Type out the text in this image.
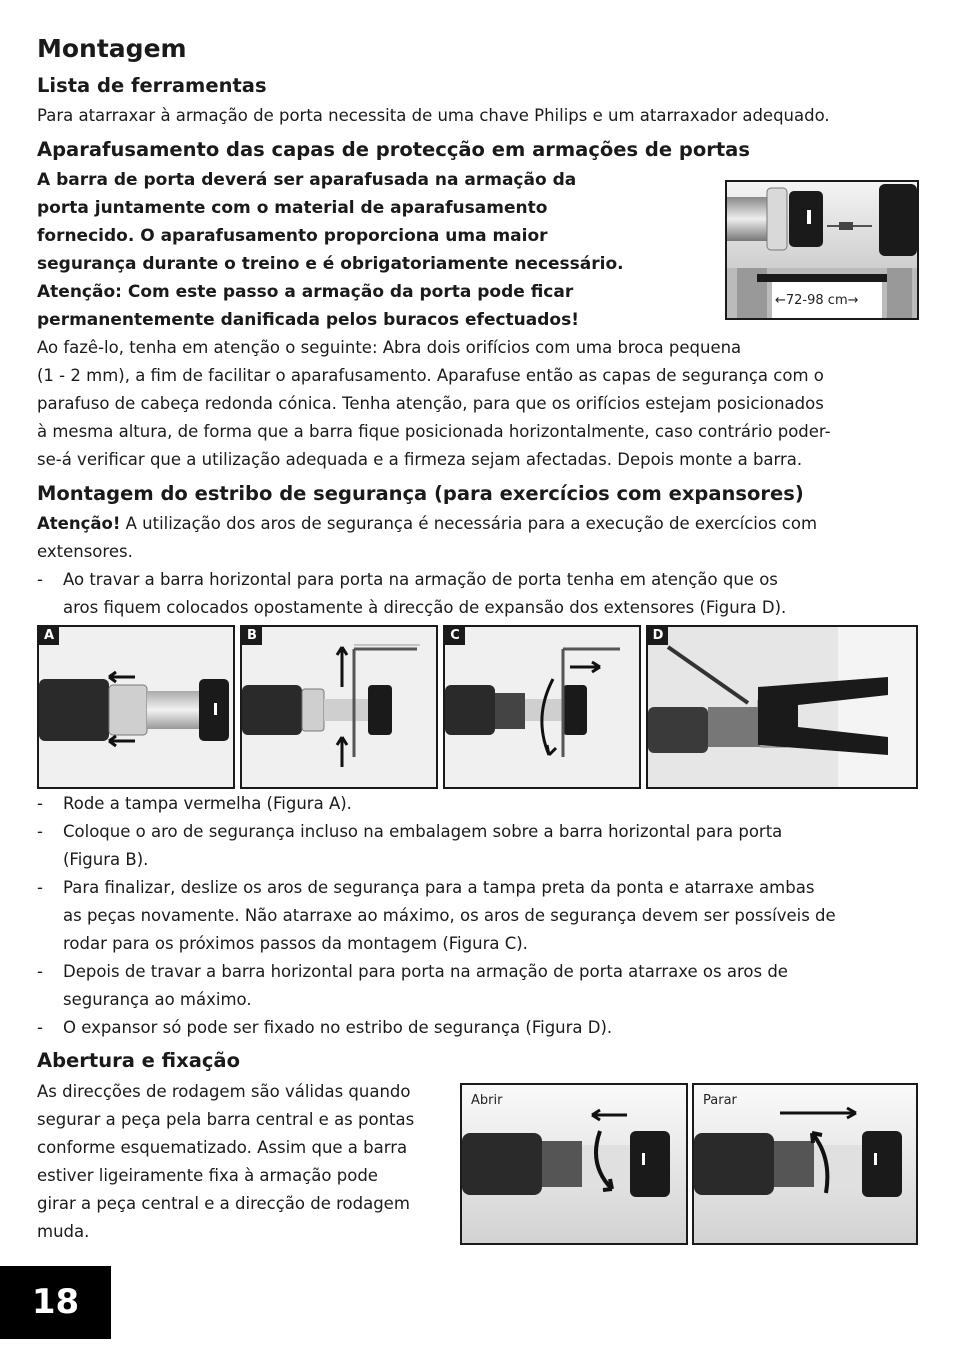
Montagem
Lista de ferramentas
Para atarraxar à armação de porta necessita de uma chave Philips e um atarraxador adequado.
Aparafusamento das capas de protecção em armações de portas
A barra de porta deverá ser aparafusada na armação da
porta juntamente com o material de aparafusamento
fornecido. O aparafusamento proporciona uma maior
segurança durante o treino e é obrigatoriamente necessário.
Atenção: Com este passo a armação da porta pode ficar
permanentemente danificada pelos buracos efectuados!
←72-98 cm→
Ao fazê-lo, tenha em atenção o seguinte: Abra dois orifícios com uma broca pequena
(1 - 2 mm), a fim de facilitar o aparafusamento. Aparafuse então as capas de segurança com o
parafuso de cabeça redonda cónica. Tenha atenção, para que os orifícios estejam posicionados
à mesma altura, de forma que a barra fique posicionada horizontalmente, caso contrário poder-
se-á verificar que a utilização adequada e a firmeza sejam afectadas. Depois monte a barra.
Montagem do estribo de segurança (para exercícios com expansores)
Atenção! A utilização dos aros de segurança é necessária para a execução de exercícios com
extensores.
- Ao travar a barra horizontal para porta na armação de porta tenha em atenção que os
aros fiquem colocados opostamente à direcção de expansão dos extensores (Figura D).
A	B	C	D
- Rode a tampa vermelha (Figura A).
- Coloque o aro de segurança incluso na embalagem sobre a barra horizontal para porta
(Figura B).
- Para finalizar, deslize os aros de segurança para a tampa preta da ponta e atarraxe ambas
as peças novamente. Não atarraxe ao máximo, os aros de segurança devem ser possíveis de
rodar para os próximos passos da montagem (Figura C).
- Depois de travar a barra horizontal para porta na armação de porta atarraxe os aros de
segurança ao máximo.
- O expansor só pode ser fixado no estribo de segurança (Figura D).
Abertura e fixação
As direcções de rodagem são válidas quando
segurar a peça pela barra central e as pontas
conforme esquematizado. Assim que a barra
estiver ligeiramente fixa à armação pode
girar a peça central e a direcção de rodagem
muda.
Abrir	Parar
18
